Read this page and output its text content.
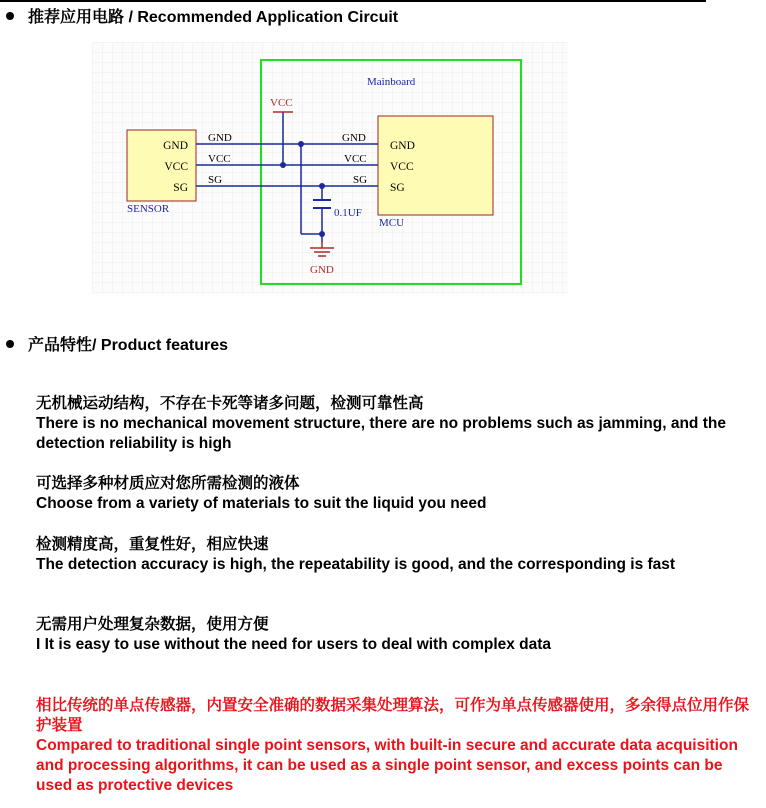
推荐应用电路 / Recommended Application Circuit
Mainboard
GND
VCC
SG
SENSOR
GND
VCC
SG
MCU
GND
VCC
SG
GND
VCC
SG
VCC
0.1UF
GND
产品特性/ Product features

无机械运动结构，不存在卡死等诸多问题，检测可靠性高

There is no mechanical movement structure, there are no problems such as jamming, and the detection reliability is high

可选择多种材质应对您所需检测的液体

Choose from a variety of materials to suit the liquid you need

检测精度高，重复性好，相应快速

The detection accuracy is high, the repeatability is good, and the corresponding is fast

无需用户处理复杂数据，使用方便

I It is easy to use without the need for users to deal with complex data

相比传统的单点传感器，内置安全准确的数据采集处理算法，可作为单点传感器使用，多余得点位用作保护装置

Compared to traditional single point sensors, with built-in secure and accurate data acquisition and processing algorithms, it can be used as a single point sensor, and excess points can be used as protective devices
